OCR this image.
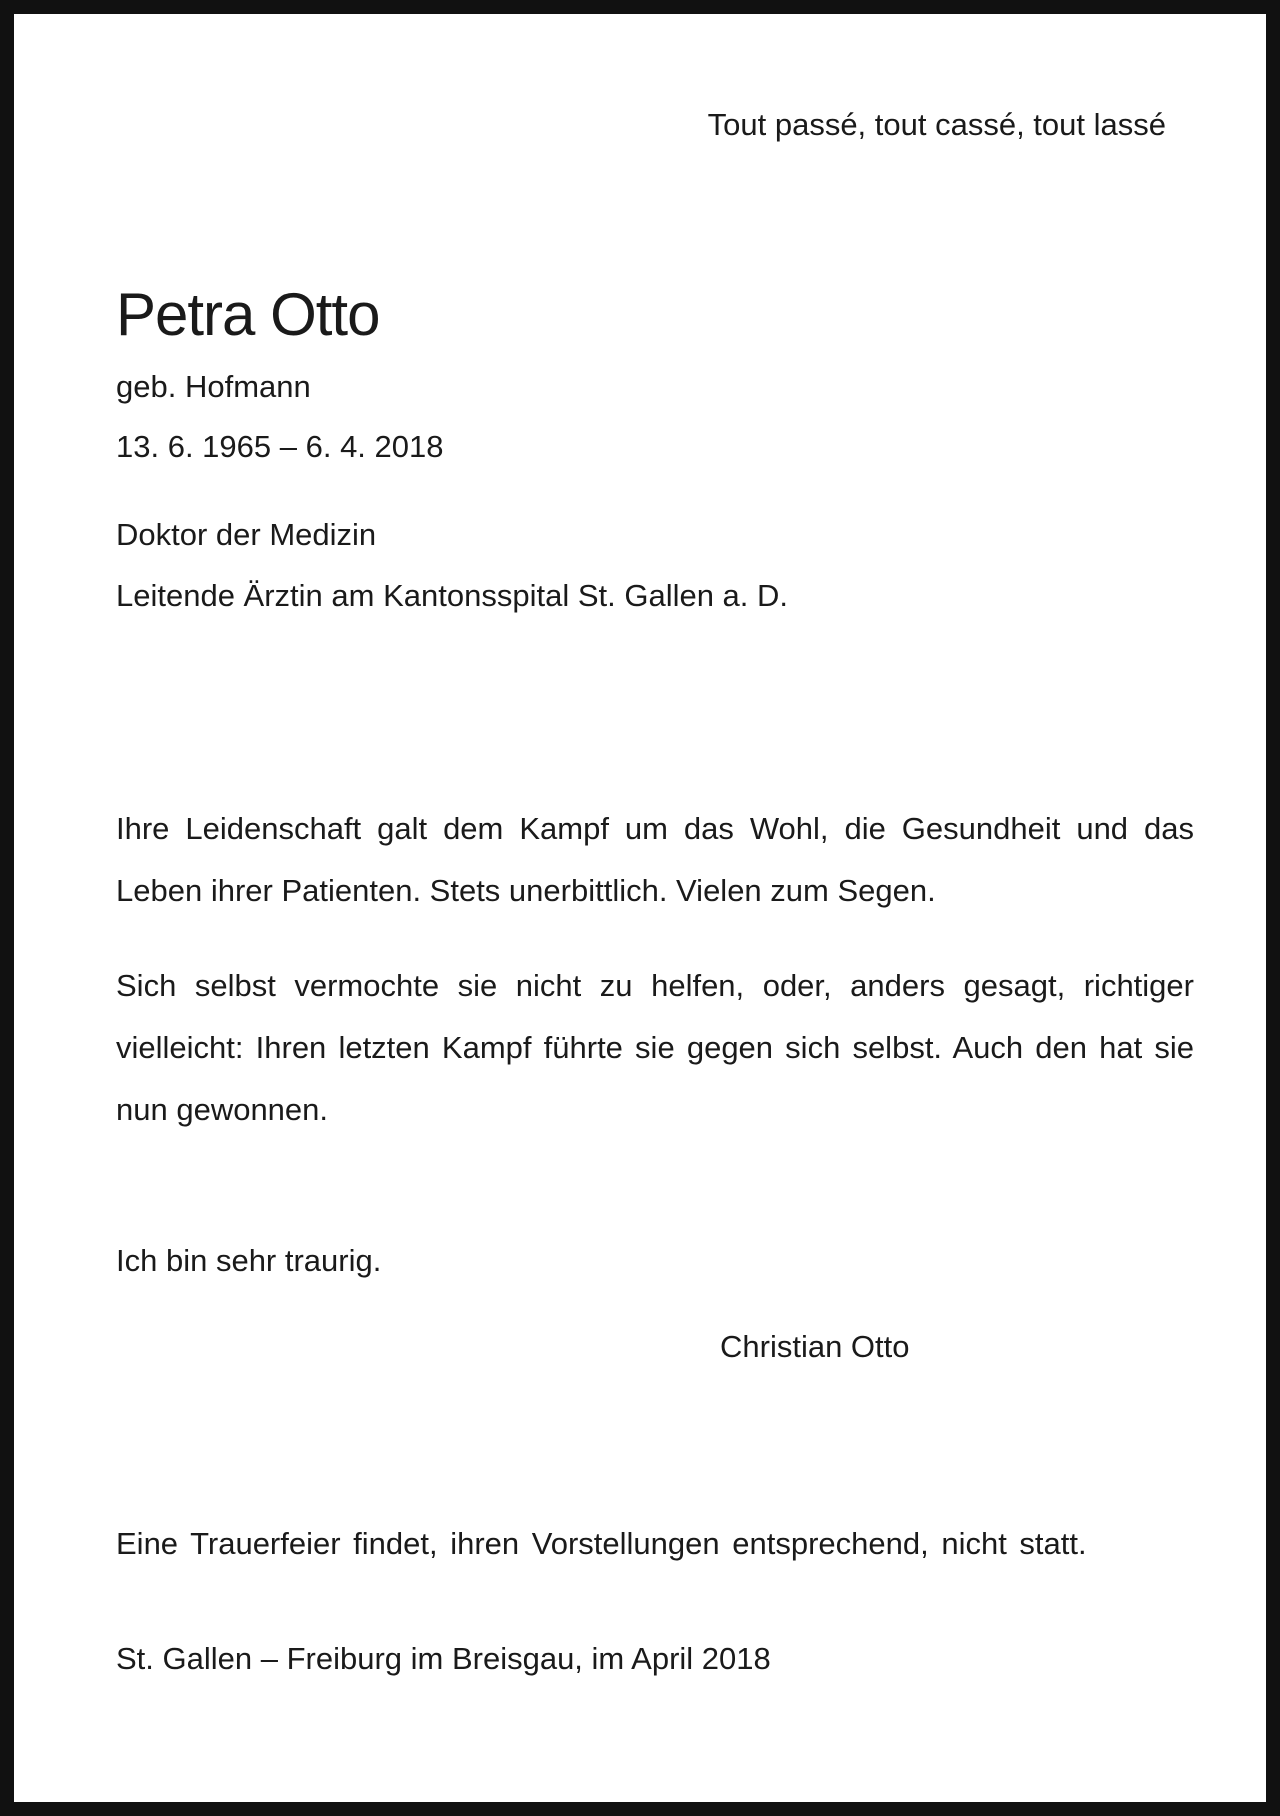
Tout passé, tout cassé, tout lassé

Petra Otto

geb. Hofmann

13. 6. 1965 – 6. 4. 2018

Doktor der Medizin

Leitende Ärztin am Kantonsspital St. Gallen a. D.

Ihre Leidenschaft galt dem Kampf um das Wohl, die Gesundheit und das Leben ihrer Patienten. Stets unerbittlich. Vielen zum Segen.

Sich selbst vermochte sie nicht zu helfen, oder, anders gesagt, richtiger vielleicht: Ihren letzten Kampf führte sie gegen sich selbst. Auch den hat sie nun gewonnen.

Ich bin sehr traurig.

Christian Otto

Eine Trauerfeier findet, ihren Vorstellungen entsprechend, nicht statt.

St. Gallen – Freiburg im Breisgau, im April 2018
